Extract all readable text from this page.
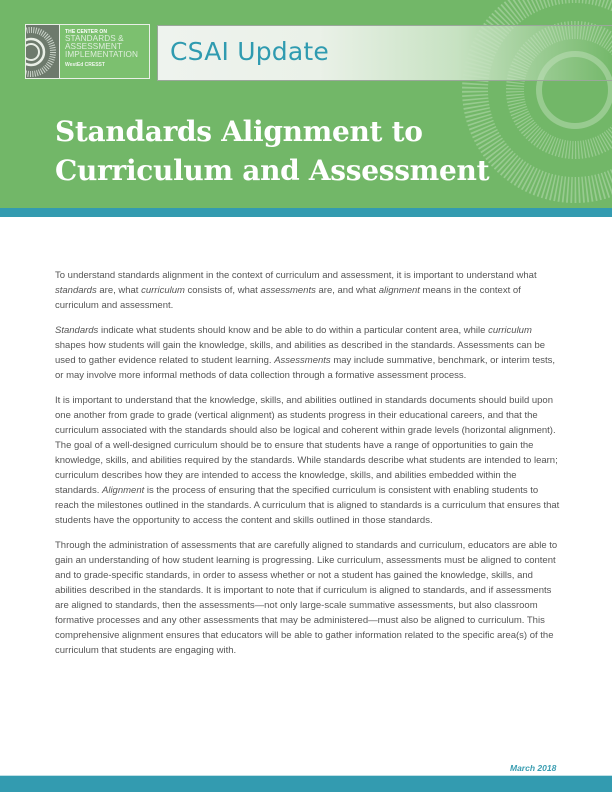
THE CENTER ON
STANDARDS &
ASSESSMENT
IMPLEMENTATION
WestEd CRESST	CSAI Update
Standards Alignment to
Curriculum and Assessment

To understand standards alignment in the context of curriculum and assessment, it is important to understand what standards are, what curriculum consists of, what assessments are, and what alignment means in the context of curriculum and assessment.

Standards indicate what students should know and be able to do within a particular content area, while curriculum shapes how students will gain the knowledge, skills, and abilities as described in the standards. Assessments can be used to gather evidence related to student learning. Assessments may include summative, benchmark, or interim tests, or may involve more informal methods of data collection through a formative assessment process.

It is important to understand that the knowledge, skills, and abilities outlined in standards documents should build upon one another from grade to grade (vertical alignment) as students progress in their educational careers, and that the curriculum associated with the standards should also be logical and coherent within grade levels (horizontal alignment). The goal of a well-designed curriculum should be to ensure that students have a range of opportunities to gain the knowledge, skills, and abilities required by the standards. While standards describe what students are intended to learn; curriculum describes how they are intended to access the knowledge, skills, and abilities embedded within the standards. Alignment is the process of ensuring that the specified curriculum is consistent with enabling students to reach the milestones outlined in the standards. A curriculum that is aligned to standards is a curriculum that ensures that students have the opportunity to access the content and skills outlined in those standards.

Through the administration of assessments that are carefully aligned to standards and curriculum, educators are able to gain an understanding of how student learning is progressing. Like curriculum, assessments must be aligned to content and to grade-specific standards, in order to assess whether or not a student has gained the knowledge, skills, and abilities described in the standards. It is important to note that if curriculum is aligned to standards, and if assessments are aligned to standards, then the assessments—not only large-scale summative assessments, but also classroom formative processes and any other assessments that may be administered—must also be aligned to curriculum. This comprehensive alignment ensures that educators will be able to gather information related to the specific area(s) of the curriculum that students are engaging with.

March 2018
